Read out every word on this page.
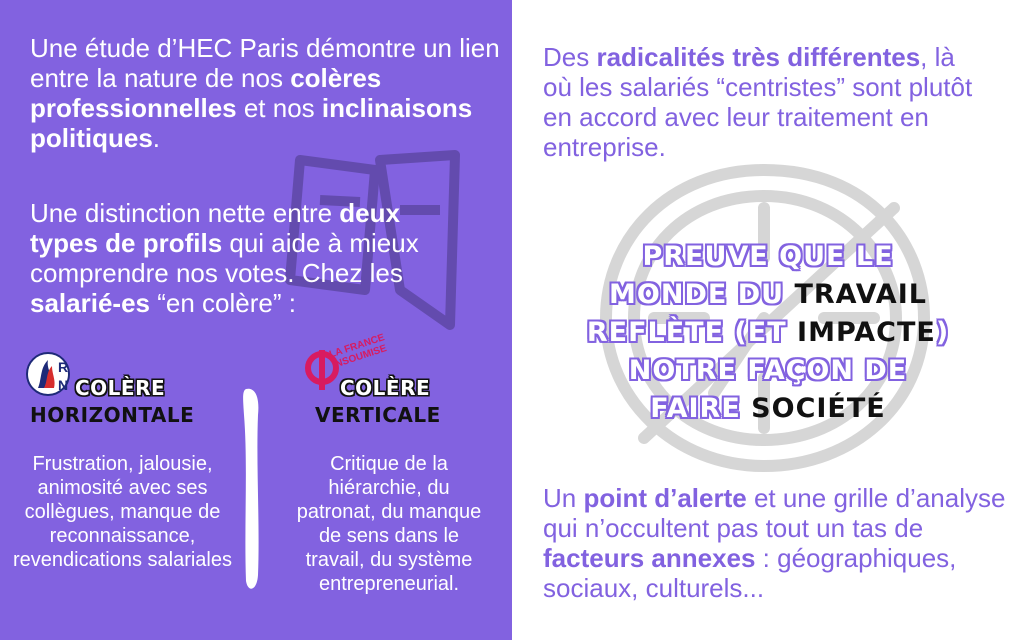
Une étude d’HEC Paris démontre un lien entre la nature de nos colères professionnelles et nos inclinaisons politiques.

Une distinction nette entre deux types de profils qui aide à mieux comprendre nos votes. Chez les salarié-es “en colère” :

RN COLÈRE
HORIZONTALE

Frustration, jalousie, animosité avec ses collègues, manque de reconnaissance, revendications salariales

LA FRANCE INSOUMISE
COLÈRE
VERTICALE

Critique de la hiérarchie, du patronat, du manque de sens dans le travail, du système entrepreneurial.

Des radicalités très différentes, là où les salariés “centristes” sont plutôt en accord avec leur traitement en entreprise.

PREUVE QUE LE
MONDE DU TRAVAIL
REFLÈTE (ET IMPACTE)
NOTRE FAÇON DE
FAIRE SOCIÉTÉ

Un point d’alerte et une grille d’analyse qui n’occultent pas tout un tas de facteurs annexes : géographiques, sociaux, culturels...
